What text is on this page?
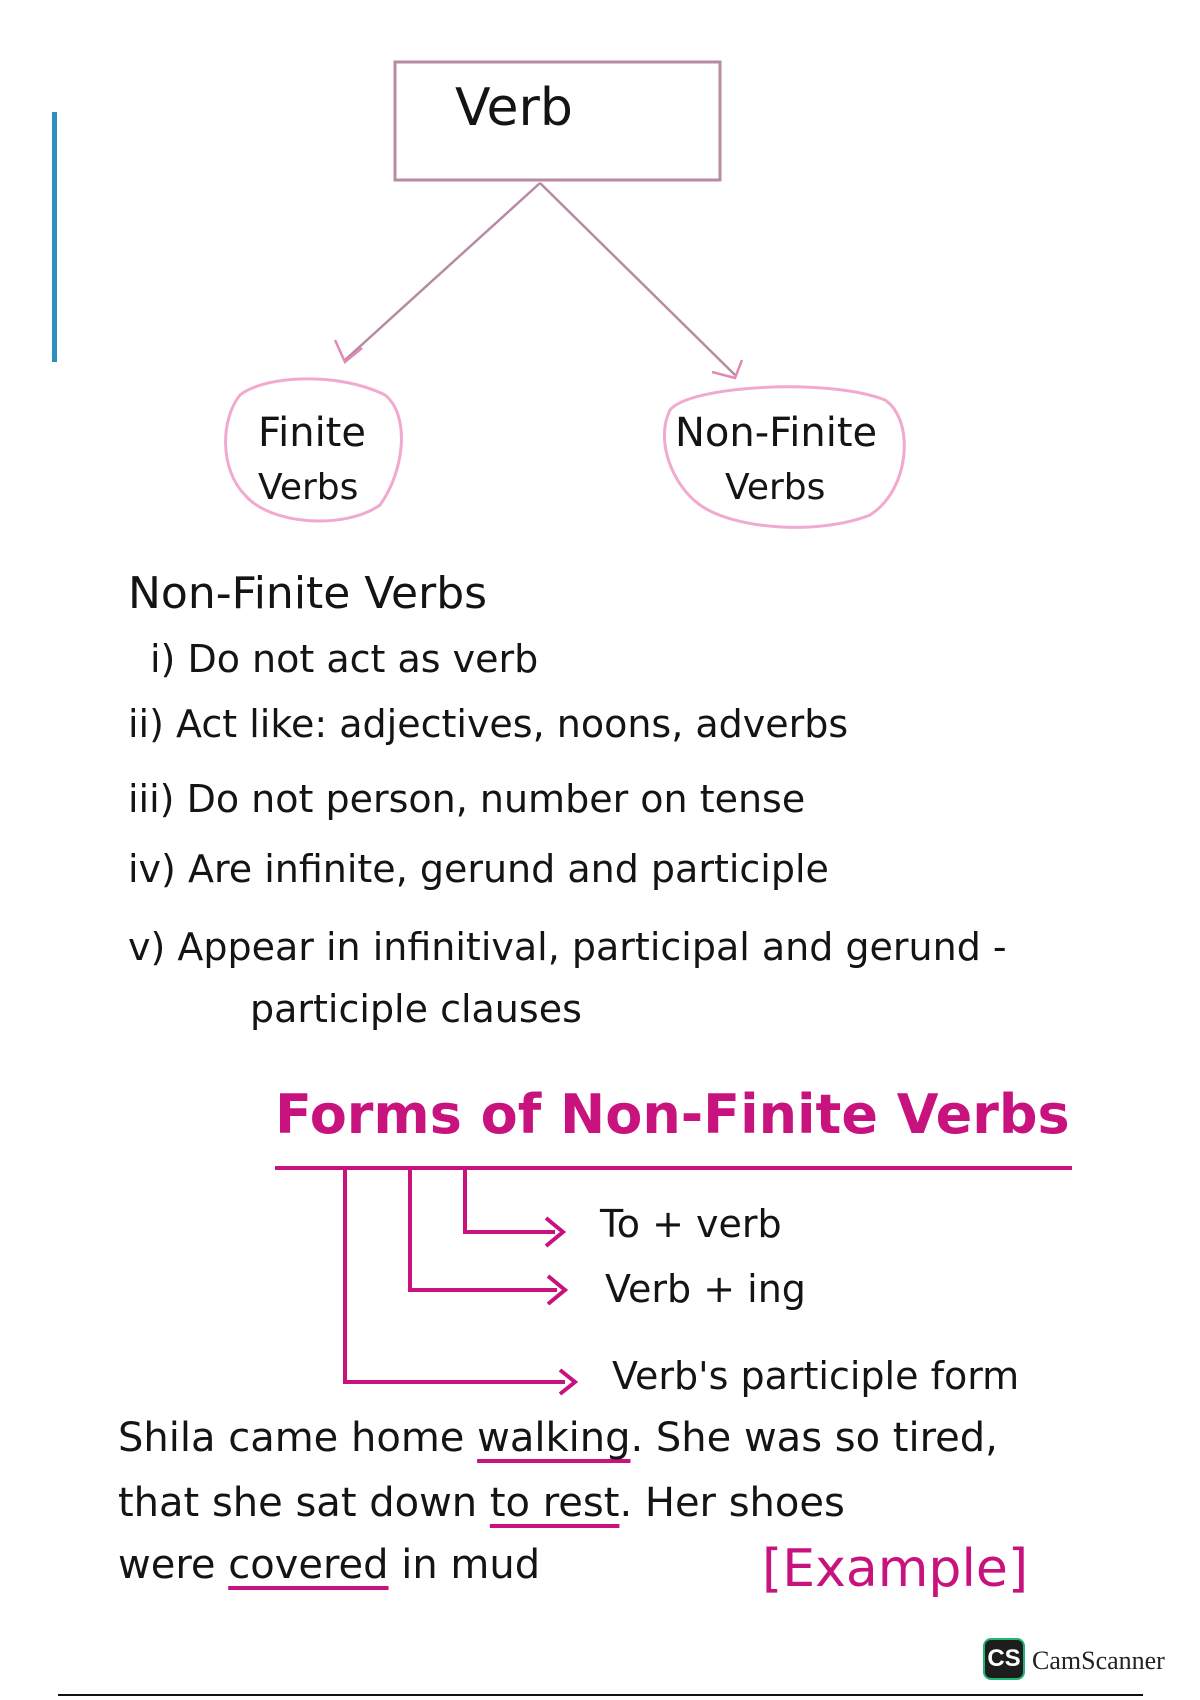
Verb
Finite
Verbs
Non-Finite
Verbs
Non-Finite Verbs
i) Do not act as verb
ii) Act like: adjectives, noons, adverbs
iii) Do not person, number on tense
iv) Are infinite, gerund and participle
v) Appear in infinitival, participal and gerund -
participle clauses
Forms of Non-Finite Verbs
To + verb
Verb + ing
Verb's participle form
Shila came home walking. She was so tired,
that she sat down to rest. Her shoes
were covered in mud	[Example]
CS CamScanner
